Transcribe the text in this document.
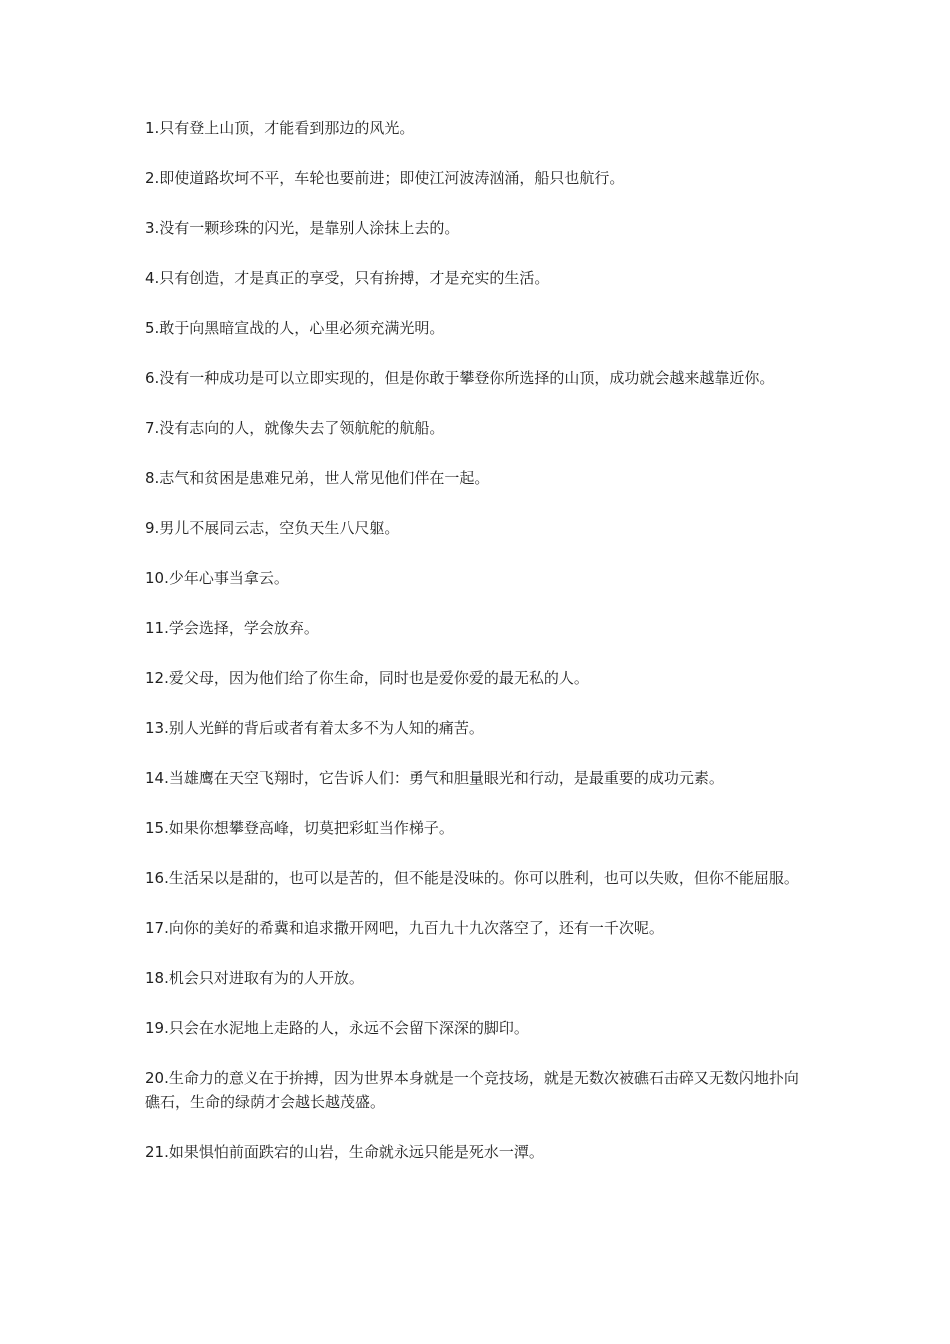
1.只有登上山顶，才能看到那边的风光。
2.即使道路坎坷不平，车轮也要前进；即使江河波涛汹涌，船只也航行。
3.没有一颗珍珠的闪光，是靠别人涂抹上去的。
4.只有创造，才是真正的享受，只有拚搏，才是充实的生活。
5.敢于向黑暗宣战的人，心里必须充满光明。
6.没有一种成功是可以立即实现的，但是你敢于攀登你所选择的山顶，成功就会越来越靠近你。
7.没有志向的人，就像失去了领航舵的航船。
8.志气和贫困是患难兄弟，世人常见他们伴在一起。
9.男儿不展同云志，空负天生八尺躯。
10.少年心事当拿云。
11.学会选择，学会放弃。
12.爱父母，因为他们给了你生命，同时也是爱你爱的最无私的人。
13.别人光鲜的背后或者有着太多不为人知的痛苦。
14.当雄鹰在天空飞翔时，它告诉人们：勇气和胆量眼光和行动，是最重要的成功元素。
15.如果你想攀登高峰，切莫把彩虹当作梯子。
16.生活呆以是甜的，也可以是苦的，但不能是没味的。你可以胜利，也可以失败，但你不能屈服。
17.向你的美好的希冀和追求撒开网吧，九百九十九次落空了，还有一千次呢。
18.机会只对进取有为的人开放。
19.只会在水泥地上走路的人，永远不会留下深深的脚印。
20.生命力的意义在于拚搏，因为世界本身就是一个竞技场，就是无数次被礁石击碎又无数闪地扑向礁石，生命的绿荫才会越长越茂盛。
21.如果惧怕前面跌宕的山岩，生命就永远只能是死水一潭。
